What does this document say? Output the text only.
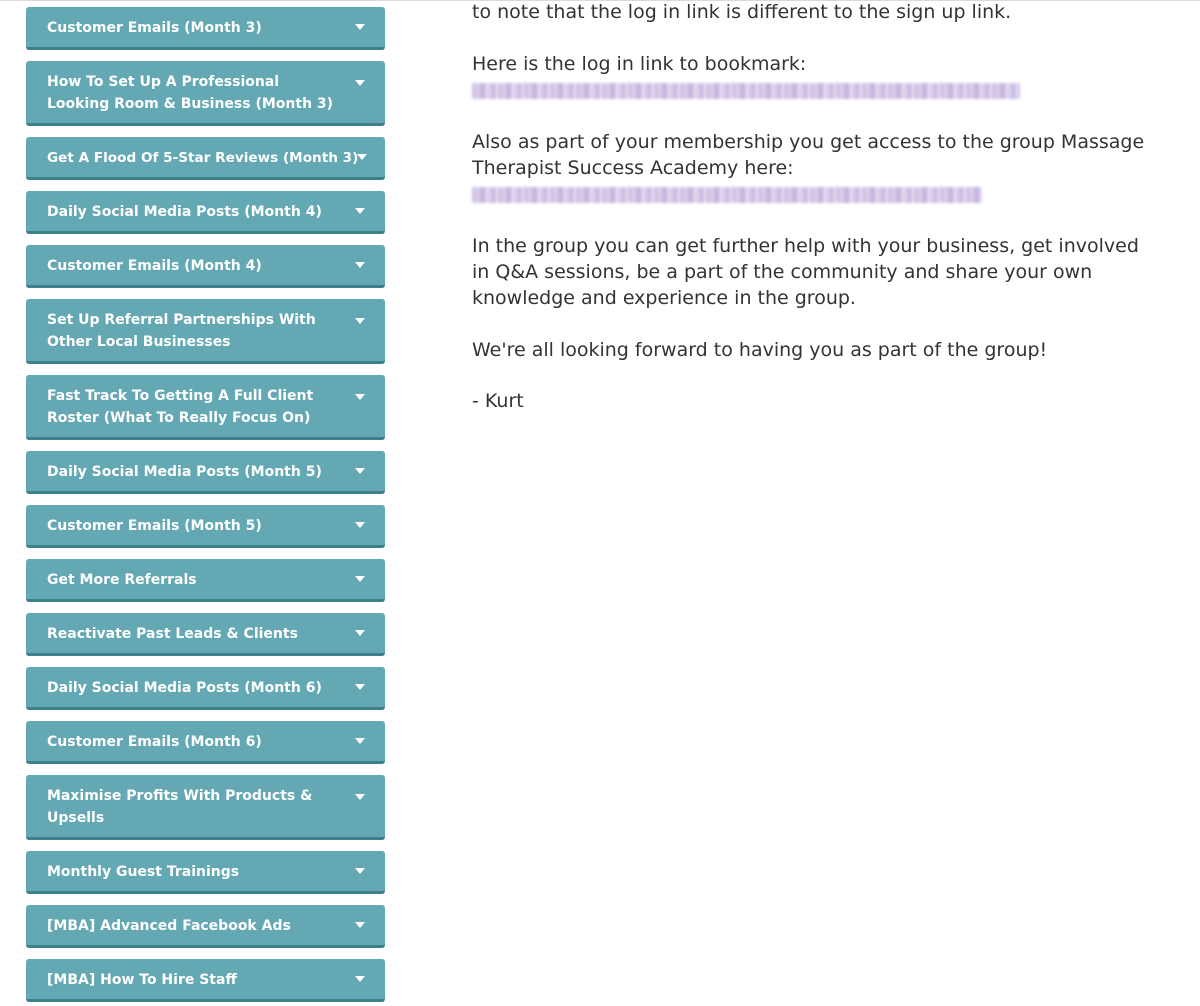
Customer Emails (Month 3)
How To Set Up A Professional Looking Room & Business (Month 3)
Get A Flood Of 5-Star Reviews (Month 3)
Daily Social Media Posts (Month 4)
Customer Emails (Month 4)
Set Up Referral Partnerships With Other Local Businesses
Fast Track To Getting A Full Client Roster (What To Really Focus On)
Daily Social Media Posts (Month 5)
Customer Emails (Month 5)
Get More Referrals
Reactivate Past Leads & Clients
Daily Social Media Posts (Month 6)
Customer Emails (Month 6)
Maximise Profits With Products & Upsells
Monthly Guest Trainings
[MBA] Advanced Facebook Ads
[MBA] How To Hire Staff
to note that the log in link is different to the sign up link.
Here is the log in link to bookmark:
Also as part of your membership you get access to the group Massage Therapist Success Academy here:
In the group you can get further help with your business, get involved in Q&A sessions, be a part of the community and share your own knowledge and experience in the group.
We're all looking forward to having you as part of the group!
- Kurt
